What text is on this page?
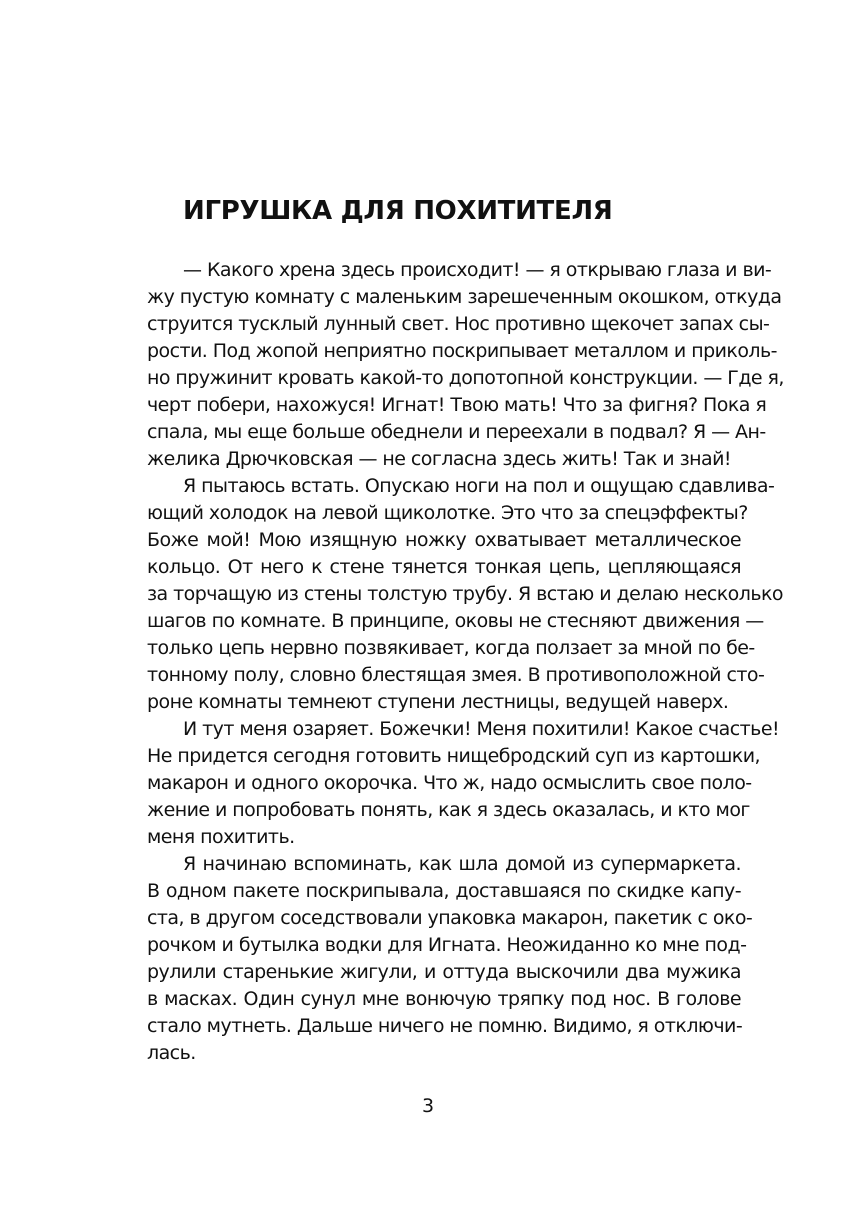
ИГРУШКА ДЛЯ ПОХИТИТЕЛЯ
— Какого хрена здесь происходит! — я открываю глаза и ви-
жу пустую комнату с маленьким зарешеченным окошком, откуда
струится тусклый лунный свет. Нос противно щекочет запах сы-
рости. Под жопой неприятно поскрипывает металлом и приколь-
но пружинит кровать какой-то допотопной конструкции. — Где я,
черт побери, нахожуся! Игнат! Твою мать! Что за фигня? Пока я
спала, мы еще больше обеднели и переехали в подвал? Я — Ан-
желика Дрючковская — не согласна здесь жить! Так и знай!
Я пытаюсь встать. Опускаю ноги на пол и ощущаю сдавлива-
ющий холодок на левой щиколотке. Это что за спецэффекты?
Боже мой! Мою изящную ножку охватывает металлическое
кольцо. От него к стене тянется тонкая цепь, цепляющаяся
за торчащую из стены толстую трубу. Я встаю и делаю несколько
шагов по комнате. В принципе, оковы не стесняют движения —
только цепь нервно позвякивает, когда ползает за мной по бе-
тонному полу, словно блестящая змея. В противоположной сто-
роне комнаты темнеют ступени лестницы, ведущей наверх.
И тут меня озаряет. Божечки! Меня похитили! Какое счастье!
Не придется сегодня готовить нищебродский суп из картошки,
макарон и одного окорочка. Что ж, надо осмыслить свое поло-
жение и попробовать понять, как я здесь оказалась, и кто мог
меня похитить.
Я начинаю вспоминать, как шла домой из супермаркета.
В одном пакете поскрипывала, доставшаяся по скидке капу-
ста, в другом соседствовали упаковка макарон, пакетик с око-
рочком и бутылка водки для Игната. Неожиданно ко мне под-
рулили старенькие жигули, и оттуда выскочили два мужика
в масках. Один сунул мне вонючую тряпку под нос. В голове
стало мутнеть. Дальше ничего не помню. Видимо, я отключи-
лась.
3
